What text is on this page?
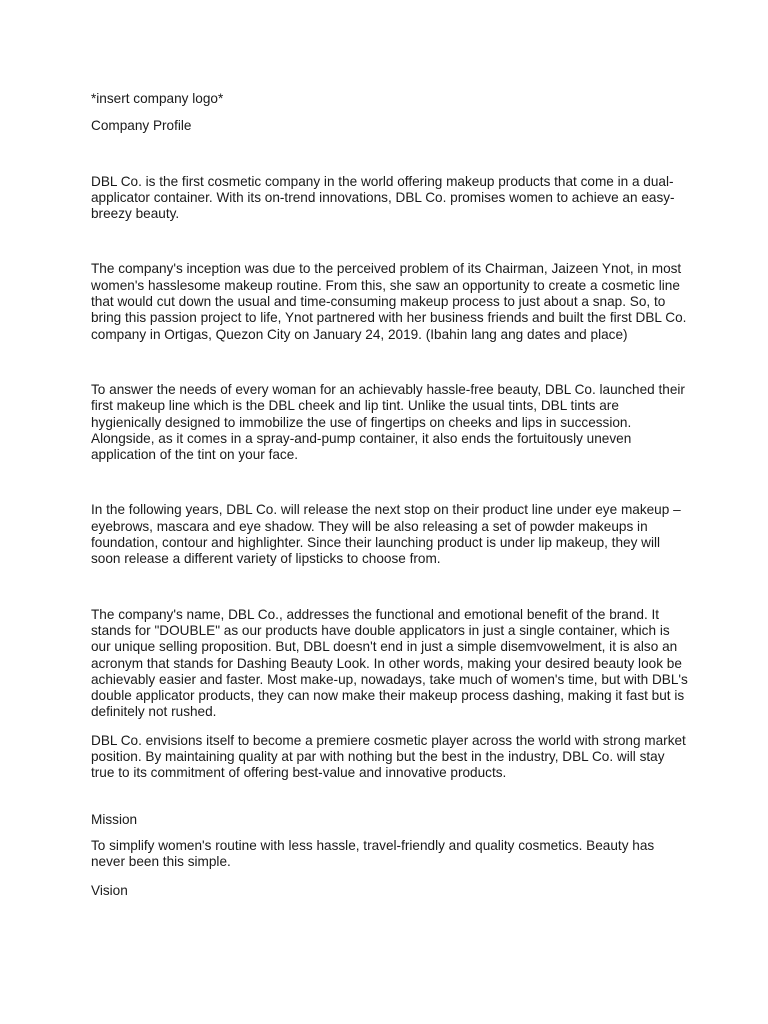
*insert company logo*

Company Profile

DBL Co. is the first cosmetic company in the world offering makeup products that come in a dual-applicator container. With its on-trend innovations, DBL Co. promises women to achieve an easy-breezy beauty.

The company's inception was due to the perceived problem of its Chairman, Jaizeen Ynot, in most women's hasslesome makeup routine. From this, she saw an opportunity to create a cosmetic line that would cut down the usual and time-consuming makeup process to just about a snap. So, to bring this passion project to life, Ynot partnered with her business friends and built the first DBL Co. company in Ortigas, Quezon City on January 24, 2019. (Ibahin lang ang dates and place)

To answer the needs of every woman for an achievably hassle-free beauty, DBL Co. launched their first makeup line which is the DBL cheek and lip tint. Unlike the usual tints, DBL tints are hygienically designed to immobilize the use of fingertips on cheeks and lips in succession. Alongside, as it comes in a spray-and-pump container, it also ends the fortuitously uneven application of the tint on your face.

In the following years, DBL Co. will release the next stop on their product line under eye makeup – eyebrows, mascara and eye shadow. They will be also releasing a set of powder makeups in foundation, contour and highlighter. Since their launching product is under lip makeup, they will soon release a different variety of lipsticks to choose from.

The company's name, DBL Co., addresses the functional and emotional benefit of the brand. It stands for "DOUBLE" as our products have double applicators in just a single container, which is our unique selling proposition. But, DBL doesn't end in just a simple disemvowelment, it is also an acronym that stands for Dashing Beauty Look. In other words, making your desired beauty look be achievably easier and faster. Most make-up, nowadays, take much of women's time, but with DBL's double applicator products, they can now make their makeup process dashing, making it fast but is definitely not rushed.

DBL Co. envisions itself to become a premiere cosmetic player across the world with strong market position. By maintaining quality at par with nothing but the best in the industry, DBL Co. will stay true to its commitment of offering best-value and innovative products.

Mission

To simplify women's routine with less hassle, travel-friendly and quality cosmetics. Beauty has never been this simple.

Vision
